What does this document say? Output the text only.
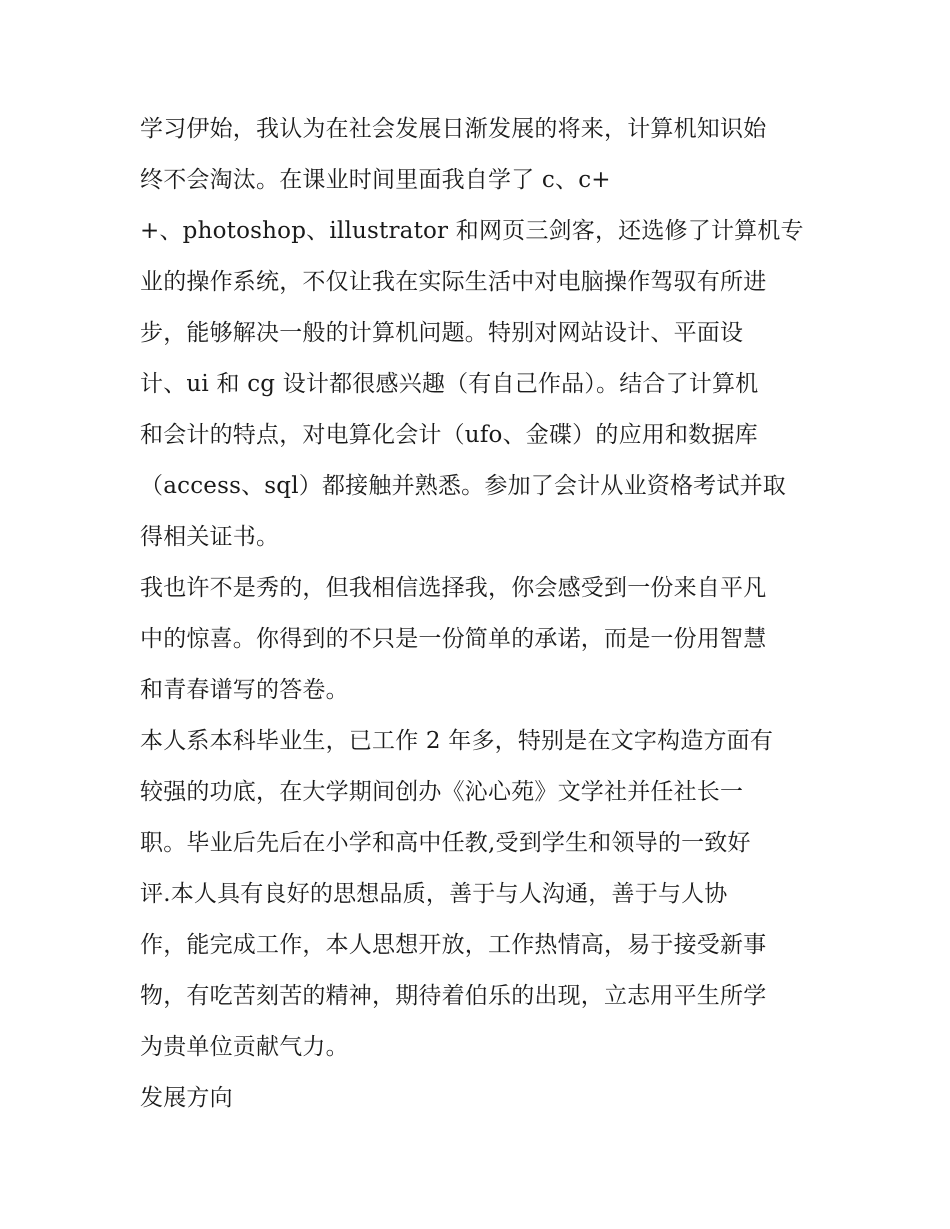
学习伊始，我认为在社会发展日渐发展的将来，计算机知识始
终不会淘汰。在课业时间里面我自学了 c、c+
+、photoshop、illustrator 和网页三剑客，还选修了计算机专
业的操作系统，不仅让我在实际生活中对电脑操作驾驭有所进
步，能够解决一般的计算机问题。特别对网站设计、平面设
计、ui 和 cg 设计都很感兴趣（有自己作品）。结合了计算机
和会计的特点，对电算化会计（ufo、金碟）的应用和数据库
（access、sql）都接触并熟悉。参加了会计从业资格考试并取
得相关证书。
我也许不是秀的，但我相信选择我，你会感受到一份来自平凡
中的惊喜。你得到的不只是一份简单的承诺，而是一份用智慧
和青春谱写的答卷。
本人系本科毕业生，已工作 2 年多，特别是在文字构造方面有
较强的功底，在大学期间创办《沁心苑》文学社并任社长一
职。毕业后先后在小学和高中任教,受到学生和领导的一致好
评.本人具有良好的思想品质，善于与人沟通，善于与人协
作，能完成工作，本人思想开放，工作热情高，易于接受新事
物，有吃苦刻苦的精神，期待着伯乐的出现，立志用平生所学
为贵单位贡献气力。
发展方向
